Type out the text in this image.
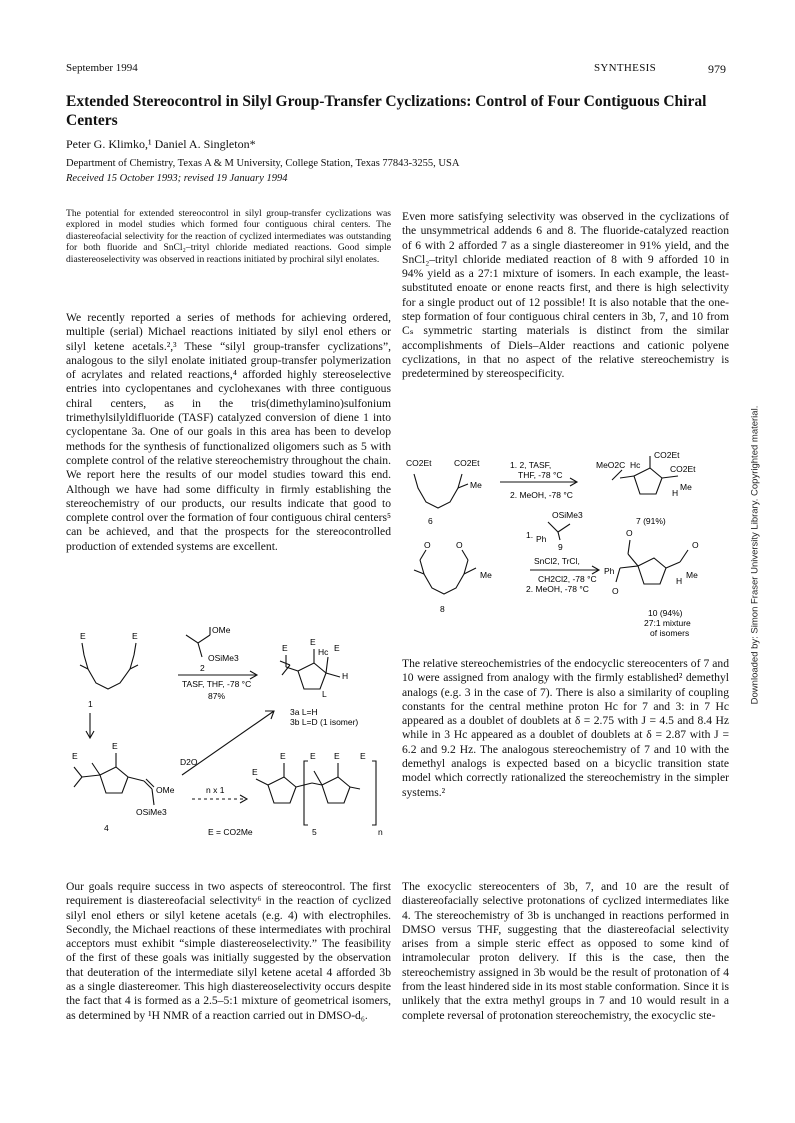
September 1994	SYNTHESIS	979
Extended Stereocontrol in Silyl Group-Transfer Cyclizations: Control of Four Contiguous Chiral Centers
Peter G. Klimko,¹ Daniel A. Singleton*
Department of Chemistry, Texas A & M University, College Station, Texas 77843-3255, USA
Received 15 October 1993; revised 19 January 1994

The potential for extended stereocontrol in silyl group-transfer cyclizations was explored in model studies which formed four contiguous chiral centers. The diastereofacial selectivity for the reaction of cyclized intermediates was outstanding for both fluoride and SnCl₂–trityl chloride mediated reactions. Good simple diastereoselectivity was observed in reactions initiated by prochiral silyl enolates.

We recently reported a series of methods for achieving ordered, multiple (serial) Michael reactions initiated by silyl enol ethers or silyl ketene acetals.²,³ These “silyl group-transfer cyclizations”, analogous to the silyl enolate initiated group-transfer polymerization of acrylates and related reactions,⁴ afforded highly stereoselective entries into cyclopentanes and cyclohexanes with three contiguous chiral centers, as in the tris(dimethylamino)sulfonium trimethylsilyldifluoride (TASF) catalyzed conversion of diene 1 into cyclopentane 3a. One of our goals in this area has been to develop methods for the synthesis of functionalized oligomers such as 5 with complete control of the relative stereochemistry throughout the chain. We report here the results of our model studies toward this end. Although we have had some difficulty in firmly establishing the stereochemistry of our products, our results indicate that good to complete control over the formation of four contiguous chiral centers⁵ can be achieved, and that the prospects for the stereocontrolled production of extended systems are excellent.

E	E
OMe
OSiMe3
2
TASF, THF, -78 °C
87%
E
E
Hc E
H
L
3a L=H
3b L=D (1 isomer)
1
D2O
E
E
OMe
OSiMe3
4
n x 1
E
E	E E E
n
E = CO2Me	5

Our goals require success in two aspects of stereocontrol. The first requirement is diastereofacial selectivity⁶ in the reaction of cyclized silyl enol ethers or silyl ketene acetals (e.g. 4) with electrophiles. Secondly, the Michael reactions of these intermediates with prochiral acceptors must exhibit “simple diastereoselectivity.” The feasibility of the first of these goals was initially suggested by the observation that deuteration of the intermediate silyl ketene acetal 4 afforded 3b as a single diastereomer. This high diastereoselectivity occurs despite the fact that 4 is formed as a 2.5–5:1 mixture of geometrical isomers, as determined by ¹H NMR of a reaction carried out in DMSO-d₆.

Even more satisfying selectivity was observed in the cyclizations of the unsymmetrical addends 6 and 8. The fluoride-catalyzed reaction of 6 with 2 afforded 7 as a single diastereomer in 91% yield, and the SnCl₂–trityl chloride mediated reaction of 8 with 9 afforded 10 in 94% yield as a 27:1 mixture of isomers. In each example, the least-substituted enoate or enone reacts first, and there is high selectivity for a single product out of 12 possible! It is also notable that the one-step formation of four contiguous chiral centers in 3b, 7, and 10 from Cₛ symmetric starting materials is distinct from the similar accomplishments of Diels–Alder reactions and cationic polyene cyclizations, in that no aspect of the relative stereochemistry is predetermined by stereospecificity.

CO2Et	CO2Et
Me
1. 2, TASF,
THF, -78 °C
2. MeOH, -78 °C
6
MeO2C Hc
CO2Et
CO2Et
Me
H
7 (91%)
OSiMe3
1. Ph
9
SnCl2, TrCl,
CH2Cl2, -78 °C
2. MeOH, -78 °C
O	O
Me
8
Ph
O
O
O
Me
H
10 (94%)
27:1 mixture
of isomers

The relative stereochemistries of the endocyclic stereocenters of 7 and 10 were assigned from analogy with the firmly established² demethyl analogs (e.g. 3 in the case of 7). There is also a similarity of coupling constants for the central methine proton Hc for 7 and 3: in 7 Hc appeared as a doublet of doublets at δ = 2.75 with J = 4.5 and 8.4 Hz while in 3 Hc appeared as a doublet of doublets at δ = 2.87 with J = 6.2 and 9.2 Hz. The analogous stereochemistry of 7 and 10 with the demethyl analogs is expected based on a bicyclic transition state model which correctly rationalized the stereochemistry in the simpler systems.²

The exocyclic stereocenters of 3b, 7, and 10 are the result of diastereofacially selective protonations of cyclized intermediates like 4. The stereochemistry of 3b is unchanged in reactions performed in DMSO versus THF, suggesting that the diastereofacial selectivity arises from a simple steric effect as opposed to some kind of intramolecular proton delivery. If this is the case, then the stereochemistry assigned in 3b would be the result of protonation of 4 from the least hindered side in its most stable conformation. Since it is unlikely that the extra methyl groups in 7 and 10 would result in a complete reversal of protonation stereochemistry, the exocyclic ste-

Downloaded by: Simon Fraser University Library. Copyrighted material.
